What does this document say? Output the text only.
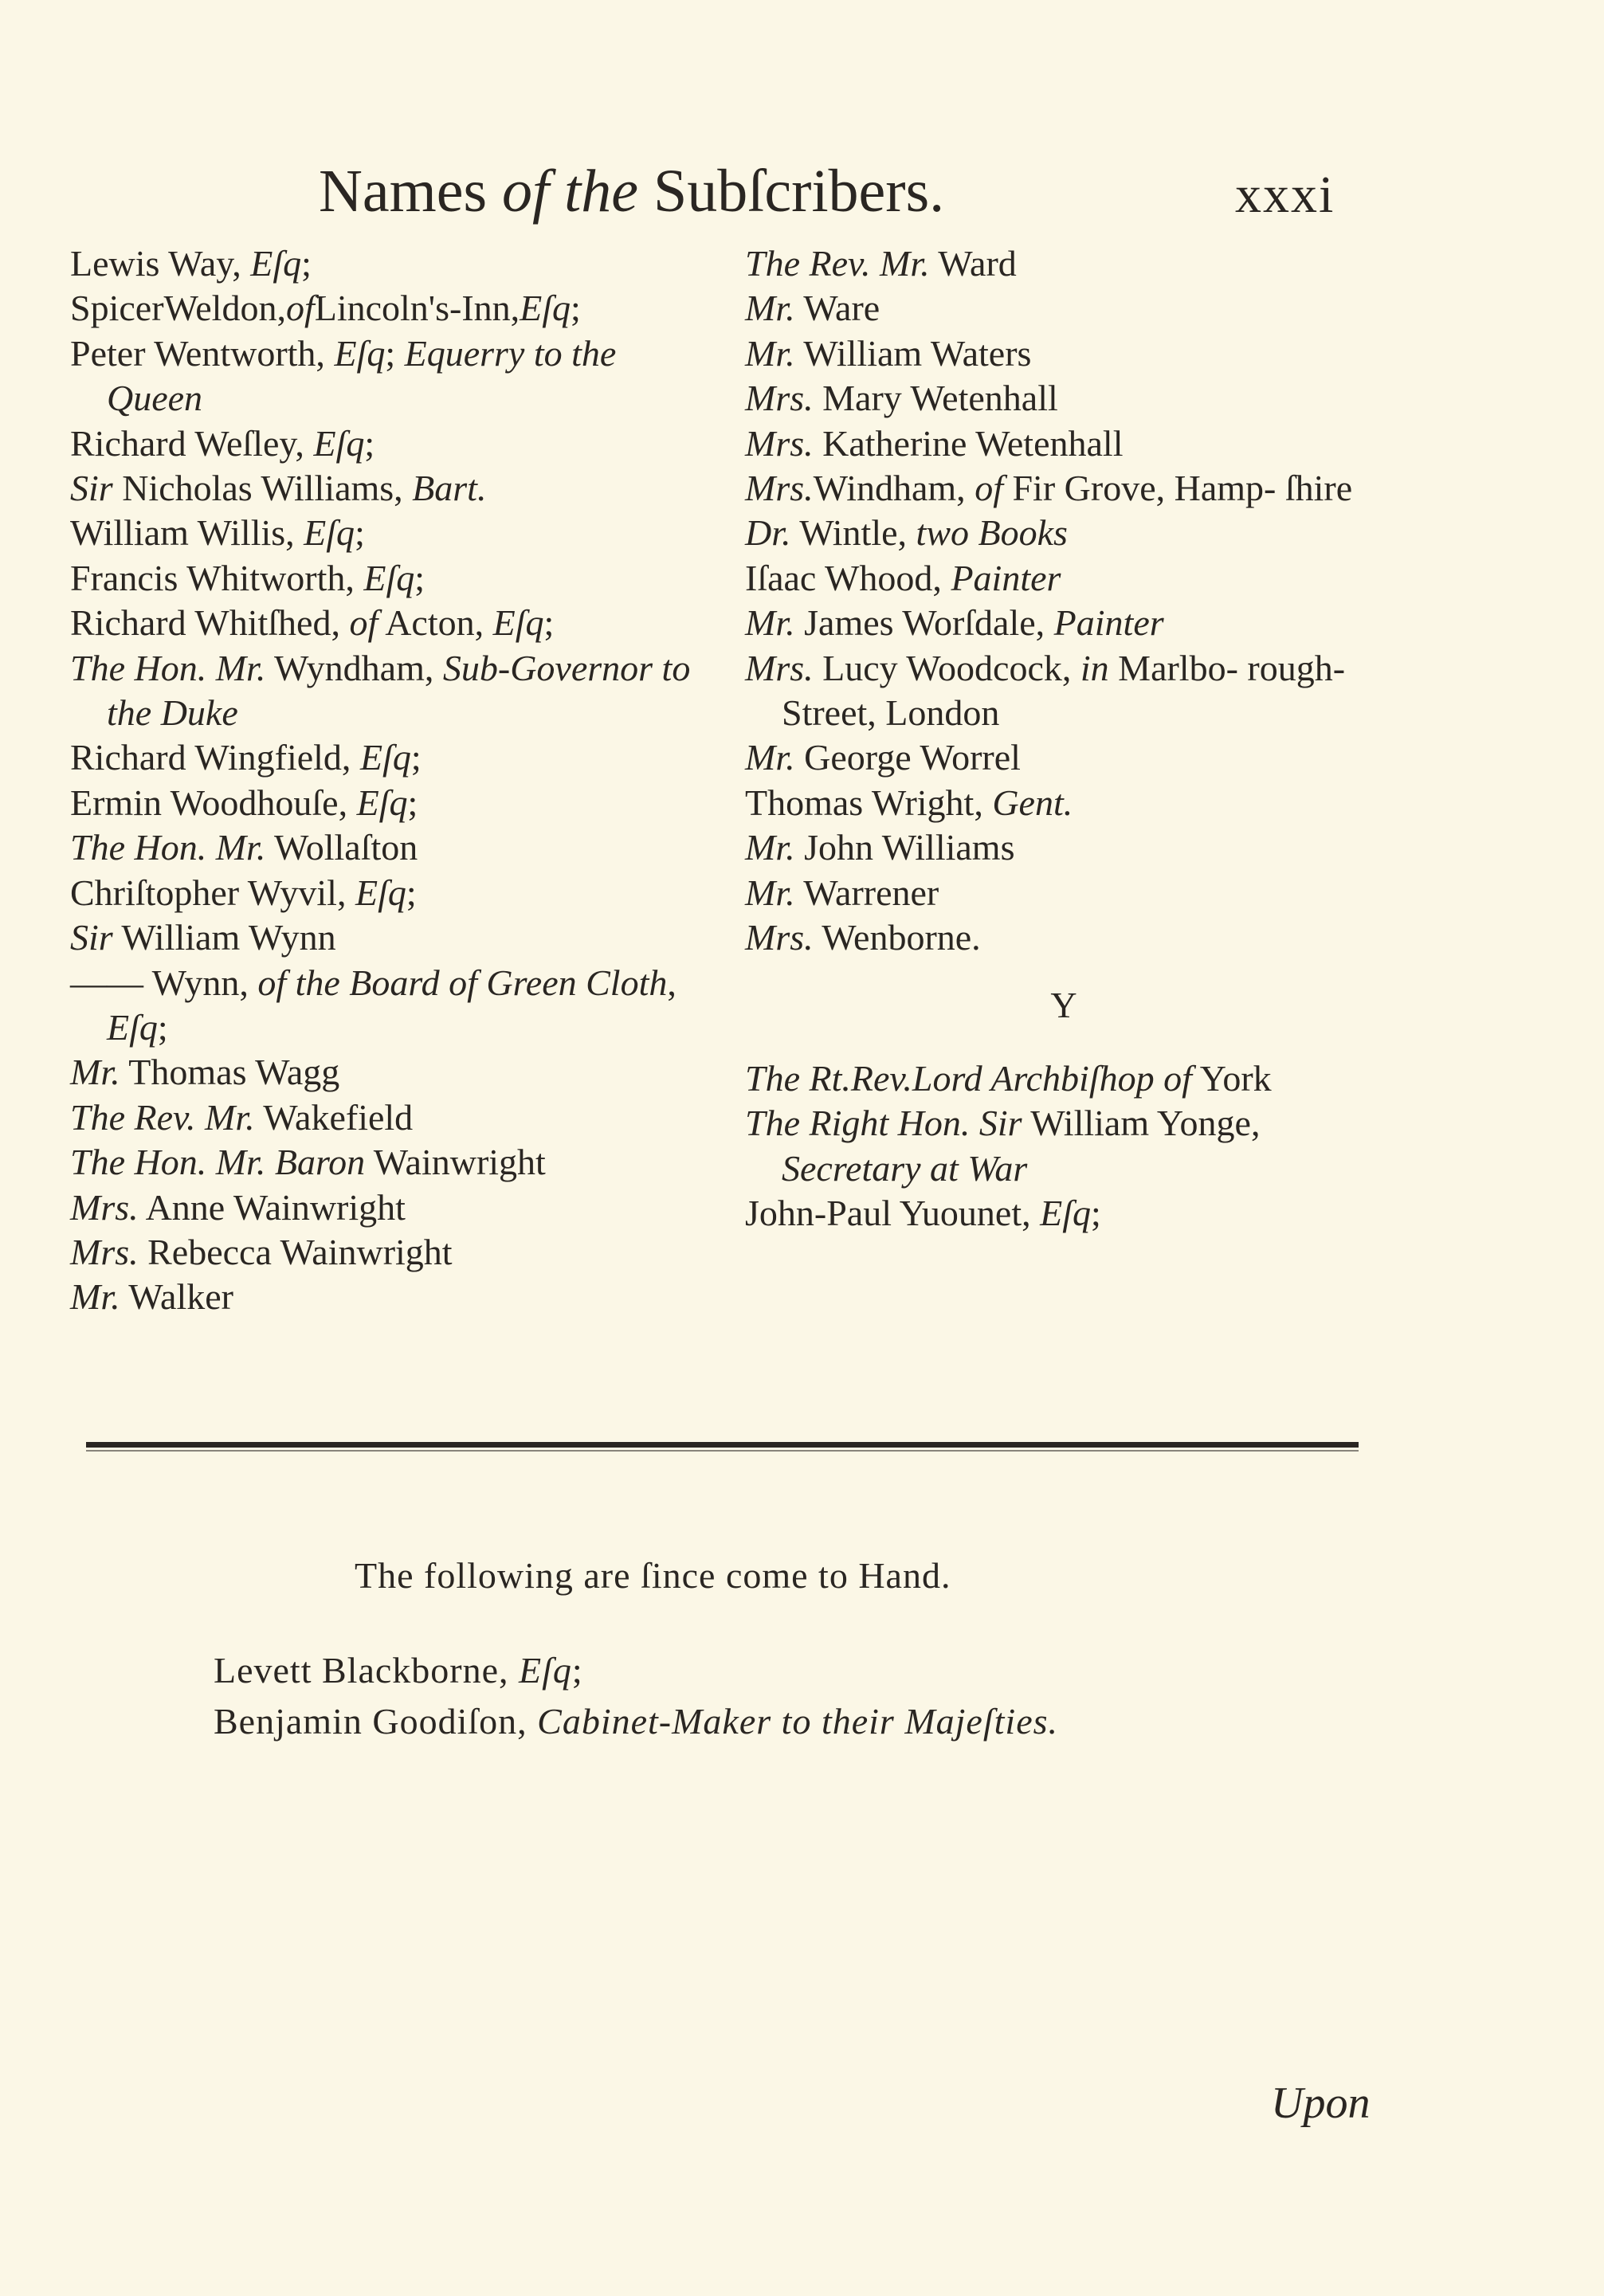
Names of the Subſcribers.	xxxi
Lewis Way, Eſq;
SpicerWeldon,ofLincoln's-Inn,Eſq;
Peter Wentworth, Eſq; Equerry to the Queen
Richard Weſley, Eſq;
Sir Nicholas Williams, Bart.
William Willis, Eſq;
Francis Whitworth, Eſq;
Richard Whitſhed, of Acton, Eſq;
The Hon. Mr. Wyndham, Sub-Governor to the Duke
Richard Wingfield, Eſq;
Ermin Woodhouſe, Eſq;
The Hon. Mr. Wollaſton
Chriſtopher Wyvil, Eſq;
Sir William Wynn
—— Wynn, of the Board of Green Cloth, Eſq;
Mr. Thomas Wagg
The Rev. Mr. Wakefield
The Hon. Mr. Baron Wainwright
Mrs. Anne Wainwright
Mrs. Rebecca Wainwright
Mr. Walker
The Rev. Mr. Ward
Mr. Ware
Mr. William Waters
Mrs. Mary Wetenhall
Mrs. Katherine Wetenhall
Mrs.Windham, of Fir Grove, Hamp- ſhire
Dr. Wintle, two Books
Iſaac Whood, Painter
Mr. James Worſdale, Painter
Mrs. Lucy Woodcock, in Marlbo- rough-Street, London
Mr. George Worrel
Thomas Wright, Gent.
Mr. John Williams
Mr. Warrener
Mrs. Wenborne.
Y
The Rt.Rev.Lord Archbiſhop of York
The Right Hon. Sir William Yonge, Secretary at War
John-Paul Yuounet, Eſq;
The following are ſince come to Hand.
Levett Blackborne, Eſq;
Benjamin Goodiſon, Cabinet-Maker to their Majeſties.
Upon
